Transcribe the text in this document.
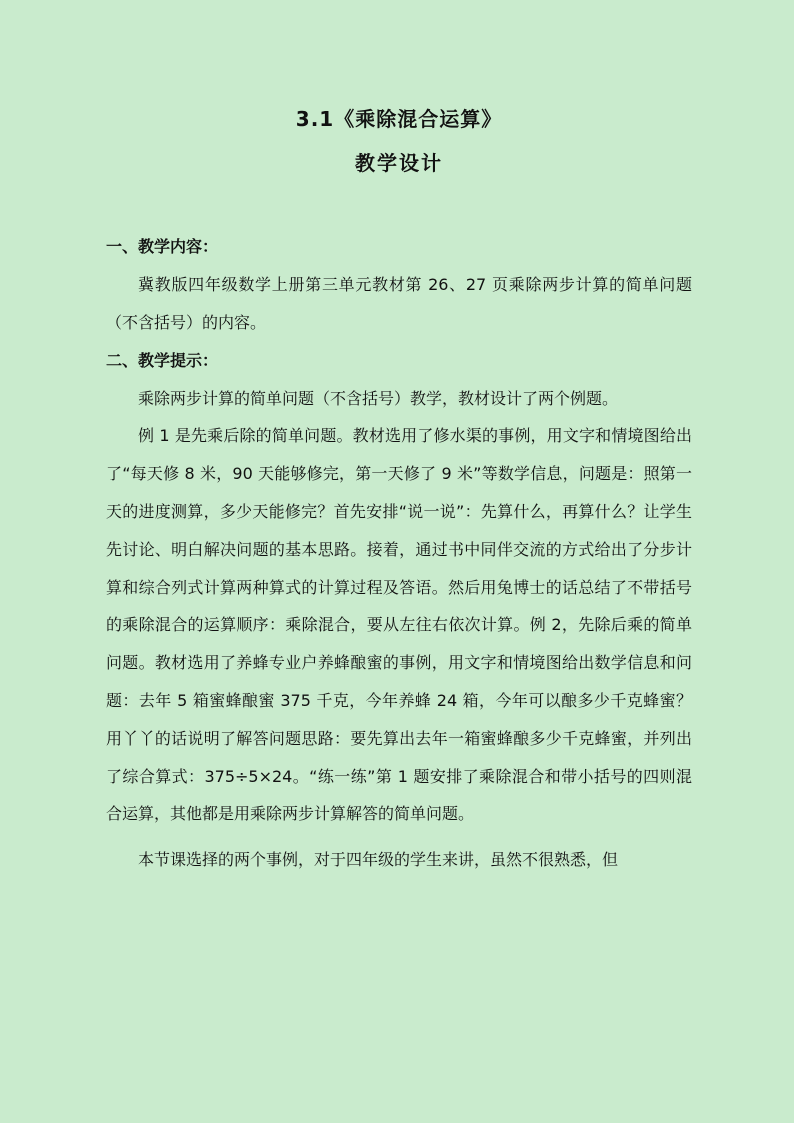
3.1《乘除混合运算》
教学设计

一、教学内容：

冀教版四年级数学上册第三单元教材第 26、27 页乘除两步计算的简单问题（不含括号）的内容。

二、教学提示：

乘除两步计算的简单问题（不含括号）教学，教材设计了两个例题。

例 1 是先乘后除的简单问题。教材选用了修水渠的事例，用文字和情境图给出了“每天修 8 米，90 天能够修完，第一天修了 9 米”等数学信息，问题是：照第一天的进度测算，多少天能修完？首先安排“说一说”：先算什么，再算什么？让学生先讨论、明白解决问题的基本思路。接着，通过书中同伴交流的方式给出了分步计算和综合列式计算两种算式的计算过程及答语。然后用兔博士的话总结了不带括号的乘除混合的运算顺序：乘除混合，要从左往右依次计算。例 2，先除后乘的简单问题。教材选用了养蜂专业户养蜂酿蜜的事例，用文字和情境图给出数学信息和问题：去年 5 箱蜜蜂酿蜜 375 千克，今年养蜂 24 箱，今年可以酿多少千克蜂蜜？用丫丫的话说明了解答问题思路：要先算出去年一箱蜜蜂酿多少千克蜂蜜，并列出了综合算式：375÷5×24。“练一练”第 1 题安排了乘除混合和带小括号的四则混合运算，其他都是用乘除两步计算解答的简单问题。

本节课选择的两个事例，对于四年级的学生来讲，虽然不很熟悉，但
